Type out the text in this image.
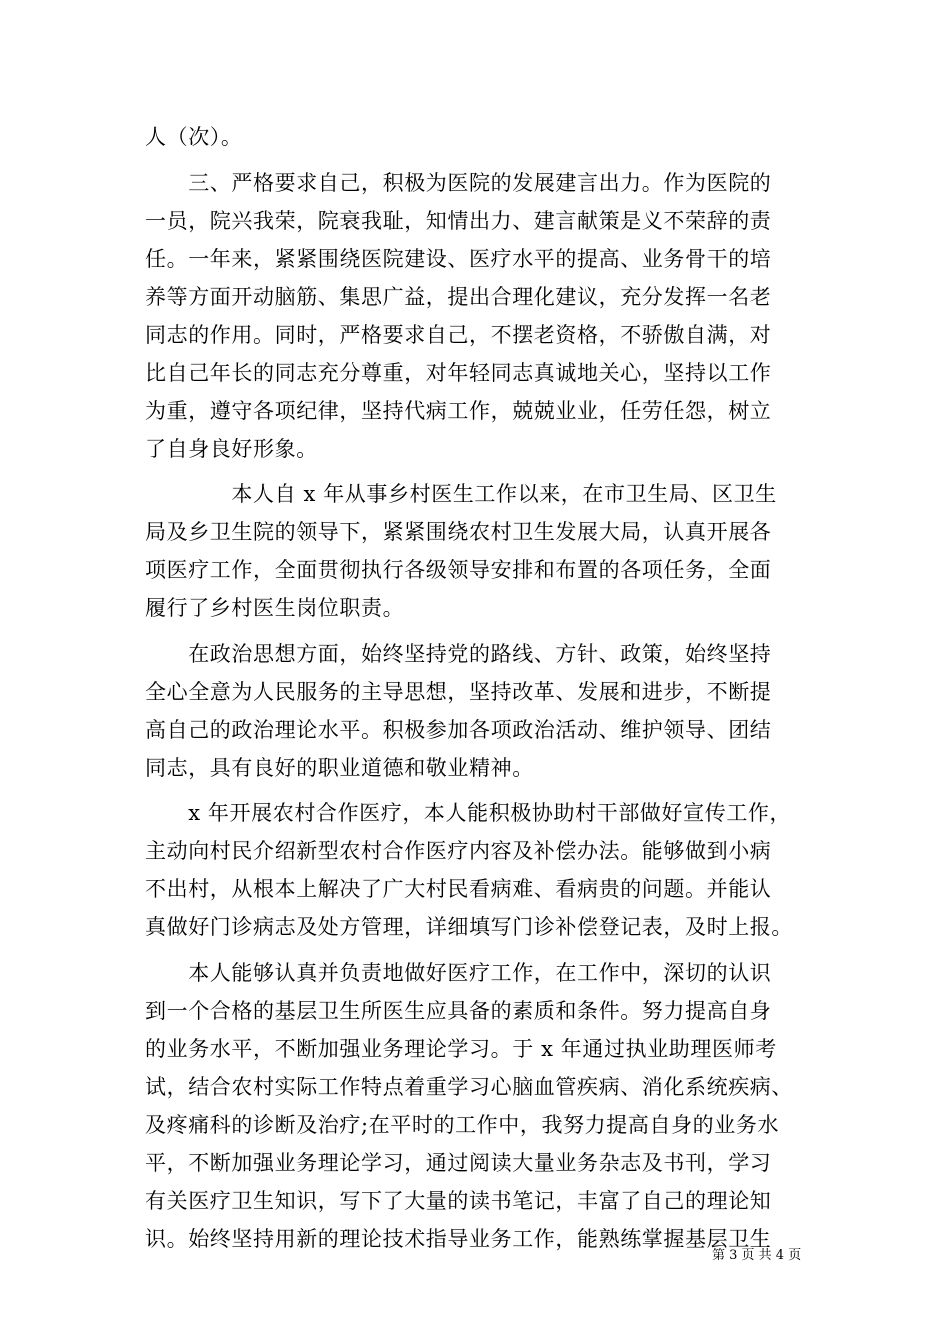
人（次）。
　　三、严格要求自己，积极为医院的发展建言出力。作为医院的
一员，院兴我荣，院衰我耻，知情出力、建言献策是义不荣辞的责
任。一年来，紧紧围绕医院建设、医疗水平的提高、业务骨干的培
养等方面开动脑筋、集思广益，提出合理化建议，充分发挥一名老
同志的作用。同时，严格要求自己，不摆老资格，不骄傲自满，对
比自己年长的同志充分尊重，对年轻同志真诚地关心，坚持以工作
为重，遵守各项纪律，坚持代病工作，兢兢业业，任劳任怨，树立
了自身良好形象。
　　　　本人自 x 年从事乡村医生工作以来，在市卫生局、区卫生
局及乡卫生院的领导下，紧紧围绕农村卫生发展大局，认真开展各
项医疗工作，全面贯彻执行各级领导安排和布置的各项任务，全面
履行了乡村医生岗位职责。
　　在政治思想方面，始终坚持党的路线、方针、政策，始终坚持
全心全意为人民服务的主导思想，坚持改革、发展和进步，不断提
高自己的政治理论水平。积极参加各项政治活动、维护领导、团结
同志，具有良好的职业道德和敬业精神。
　　x 年开展农村合作医疗，本人能积极协助村干部做好宣传工作，
主动向村民介绍新型农村合作医疗内容及补偿办法。能够做到小病
不出村，从根本上解决了广大村民看病难、看病贵的问题。并能认
真做好门诊病志及处方管理，详细填写门诊补偿登记表，及时上报。
　　本人能够认真并负责地做好医疗工作，在工作中，深切的认识
到一个合格的基层卫生所医生应具备的素质和条件。努力提高自身
的业务水平，不断加强业务理论学习。于 x 年通过执业助理医师考
试，结合农村实际工作特点着重学习心脑血管疾病、消化系统疾病、
及疼痛科的诊断及治疗;在平时的工作中，我努力提高自身的业务水
平，不断加强业务理论学习，通过阅读大量业务杂志及书刊，学习
有关医疗卫生知识，写下了大量的读书笔记，丰富了自己的理论知
识。始终坚持用新的理论技术指导业务工作，能熟练掌握基层卫生
第 3 页 共 4 页
